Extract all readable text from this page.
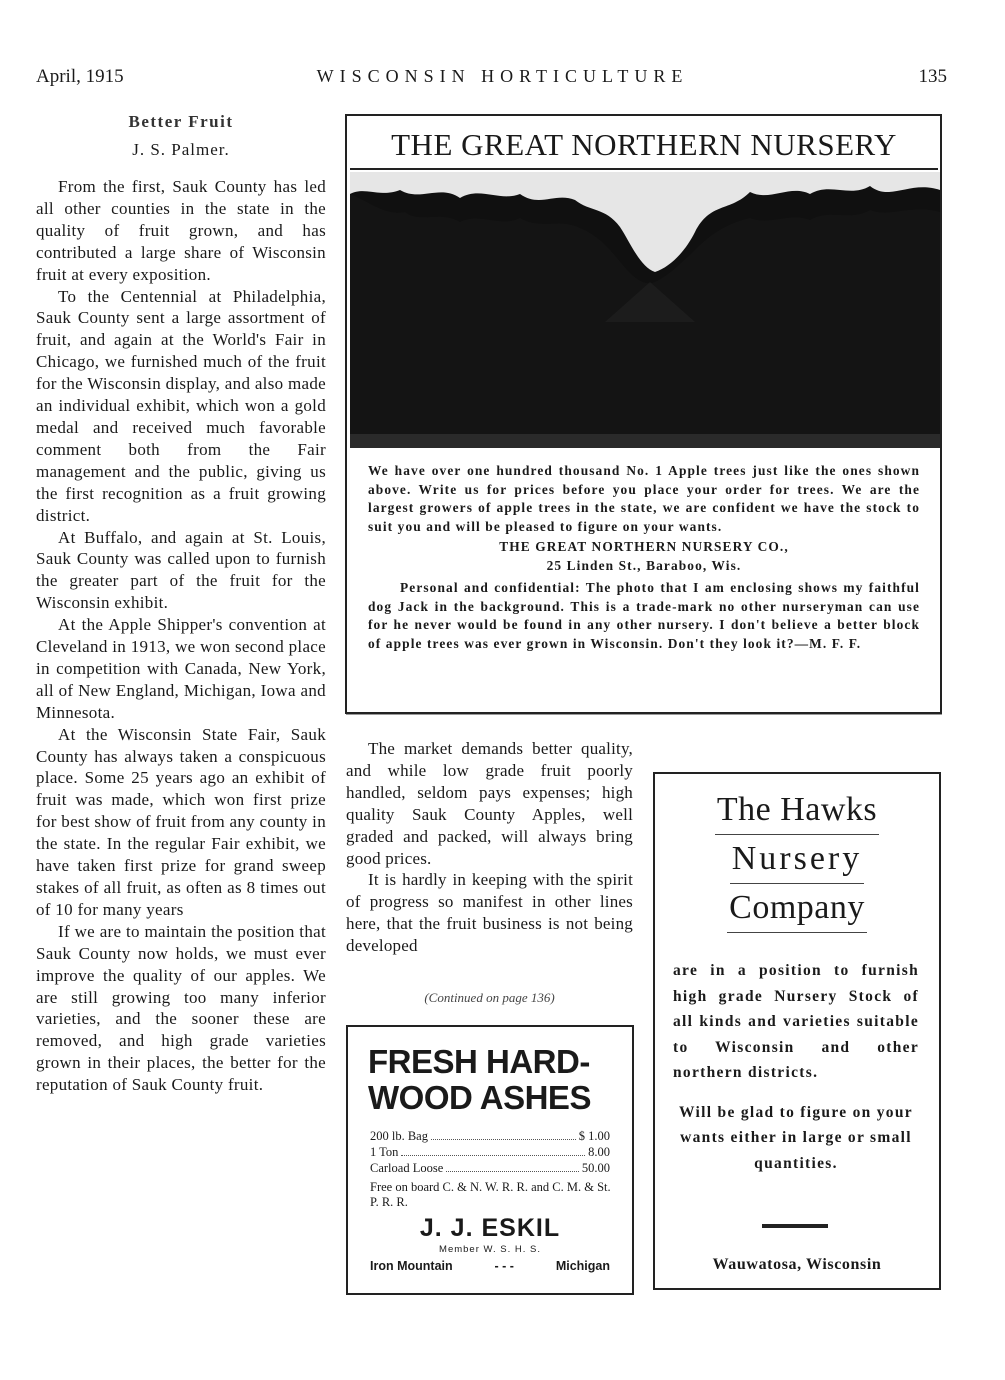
April, 1915	WISCONSIN HORTICULTURE	135
Better Fruit
J. S. Palmer.

From the first, Sauk County has led all other counties in the state in the quality of fruit grown, and has contributed a large share of Wisconsin fruit at every exposition.

To the Centennial at Philadelphia, Sauk County sent a large assortment of fruit, and again at the World's Fair in Chicago, we furnished much of the fruit for the Wisconsin display, and also made an individual exhibit, which won a gold medal and received much favorable comment both from the Fair management and the public, giving us the first recognition as a fruit growing district.

At Buffalo, and again at St. Louis, Sauk County was called upon to furnish the greater part of the fruit for the Wisconsin exhibit.

At the Apple Shipper's convention at Cleveland in 1913, we won second place in competition with Canada, New York, all of New England, Michigan, Iowa and Minnesota.

At the Wisconsin State Fair, Sauk County has always taken a conspicuous place. Some 25 years ago an exhibit of fruit was made, which won first prize for best show of fruit from any county in the state. In the regular Fair exhibit, we have taken first prize for grand sweep stakes of all fruit, as often as 8 times out of 10 for many years

If we are to maintain the position that Sauk County now holds, we must ever improve the quality of our apples. We are still growing too many inferior varieties, and the sooner these are removed, and high grade varieties grown in their places, the better for the reputation of Sauk County fruit.

THE GREAT NORTHERN NURSERY

We have over one hundred thousand No. 1 Apple trees just like the ones shown above. Write us for prices before you place your order for trees. We are the largest growers of apple trees in the state, we are confident we have the stock to suit you and will be pleased to figure on your wants.

THE GREAT NORTHERN NURSERY CO.,

25 Linden St., Baraboo, Wis.

Personal and confidential: The photo that I am enclosing shows my faithful dog Jack in the background. This is a trade-mark no other nurseryman can use for he never would be found in any other nursery. I don't believe a better block of apple trees was ever grown in Wisconsin. Don't they look it?—M. F. F.

The market demands better quality, and while low grade fruit poorly handled, seldom pays expenses; high quality Sauk County Apples, well graded and packed, will always bring good prices.

It is hardly in keeping with the spirit of progress so manifest in other lines here, that the fruit business is not being developed

(Continued on page 136)
FRESH HARD-
WOOD ASHES
200 lb. Bag	$ 1.00
1 Ton	8.00
Carload Loose	50.00
Free on board C. & N. W. R. R. and C. M. & St. P. R. R.
J. J. ESKIL
Member W. S. H. S.
Iron Mountain	- - -	Michigan
The Hawks
Nursery
Company

are in a position to furnish high grade Nursery Stock of all kinds and varieties suitable to Wisconsin and other northern districts.

Will be glad to figure on your wants either in large or small quantities.

Wauwatosa, Wisconsin
